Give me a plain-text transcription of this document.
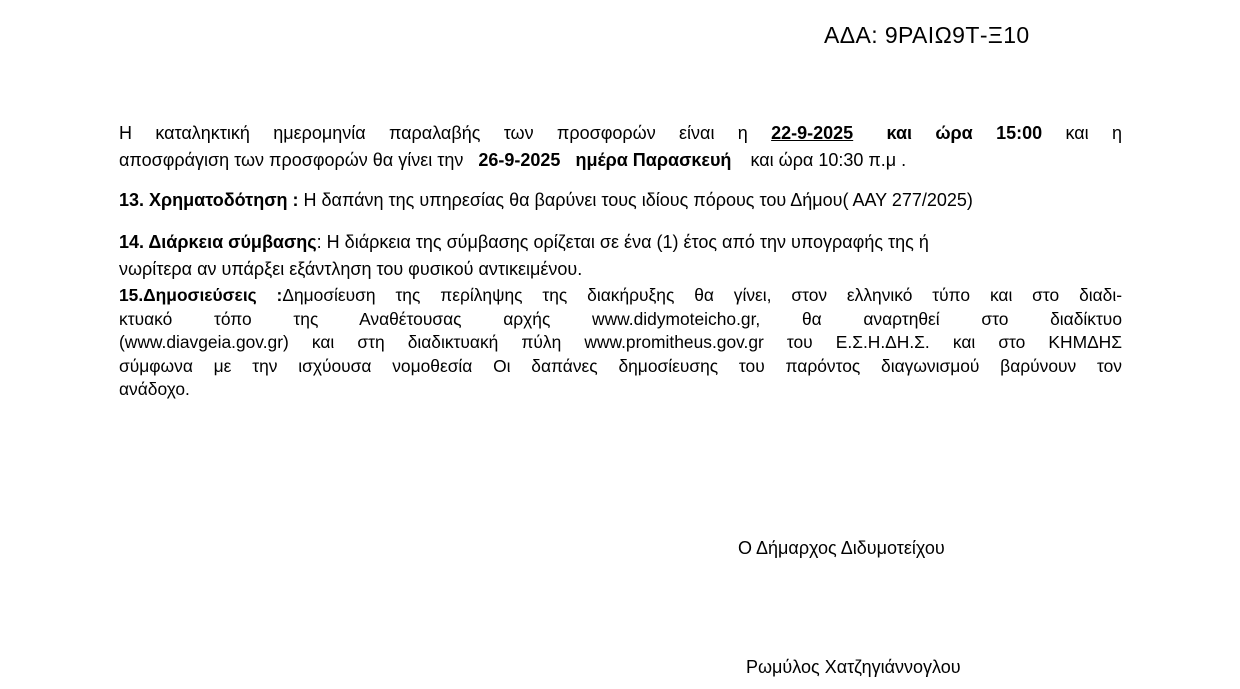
ΑΔΑ: 9ΡΑΙΩ9Τ-Ξ10

Η καταληκτική ημερομηνία παραλαβής των προσφορών είναι η 22-9-2025 και ώρα 15:00 και η

αποσφράγιση των προσφορών θα γίνει την 26-9-2025 ημέρα Παρασκευή και ώρα 10:30 π.μ .

13. Χρηματοδότηση : Η δαπάνη της υπηρεσίας θα βαρύνει τους ιδίους πόρους του Δήμου( ΑΑΥ 277/2025)

14. Διάρκεια σύμβασης: Η διάρκεια της σύμβασης ορίζεται σε ένα (1) έτος από την υπογραφής της ή

νωρίτερα αν υπάρξει εξάντληση του φυσικού αντικειμένου.

15.Δημοσιεύσεις :Δημοσίευση της περίληψης της διακήρυξης θα γίνει, στον ελληνικό τύπο και στο διαδι-
κτυακό τόπο της Αναθέτουσας αρχής www.didymoteicho.gr, θα αναρτηθεί στο διαδίκτυο
(www.diavgeia.gov.gr) και στη διαδικτυακή πύλη www.promitheus.gov.gr του Ε.Σ.Η.ΔΗ.Σ. και στο ΚΗΜΔΗΣ
σύμφωνα με την ισχύουσα νομοθεσία Οι δαπάνες δημοσίευσης του παρόντος διαγωνισμού βαρύνουν τον
ανάδοχο.
Ο Δήμαρχος Διδυμοτείχου
Ρωμύλος Χατζηγιάννογλου
